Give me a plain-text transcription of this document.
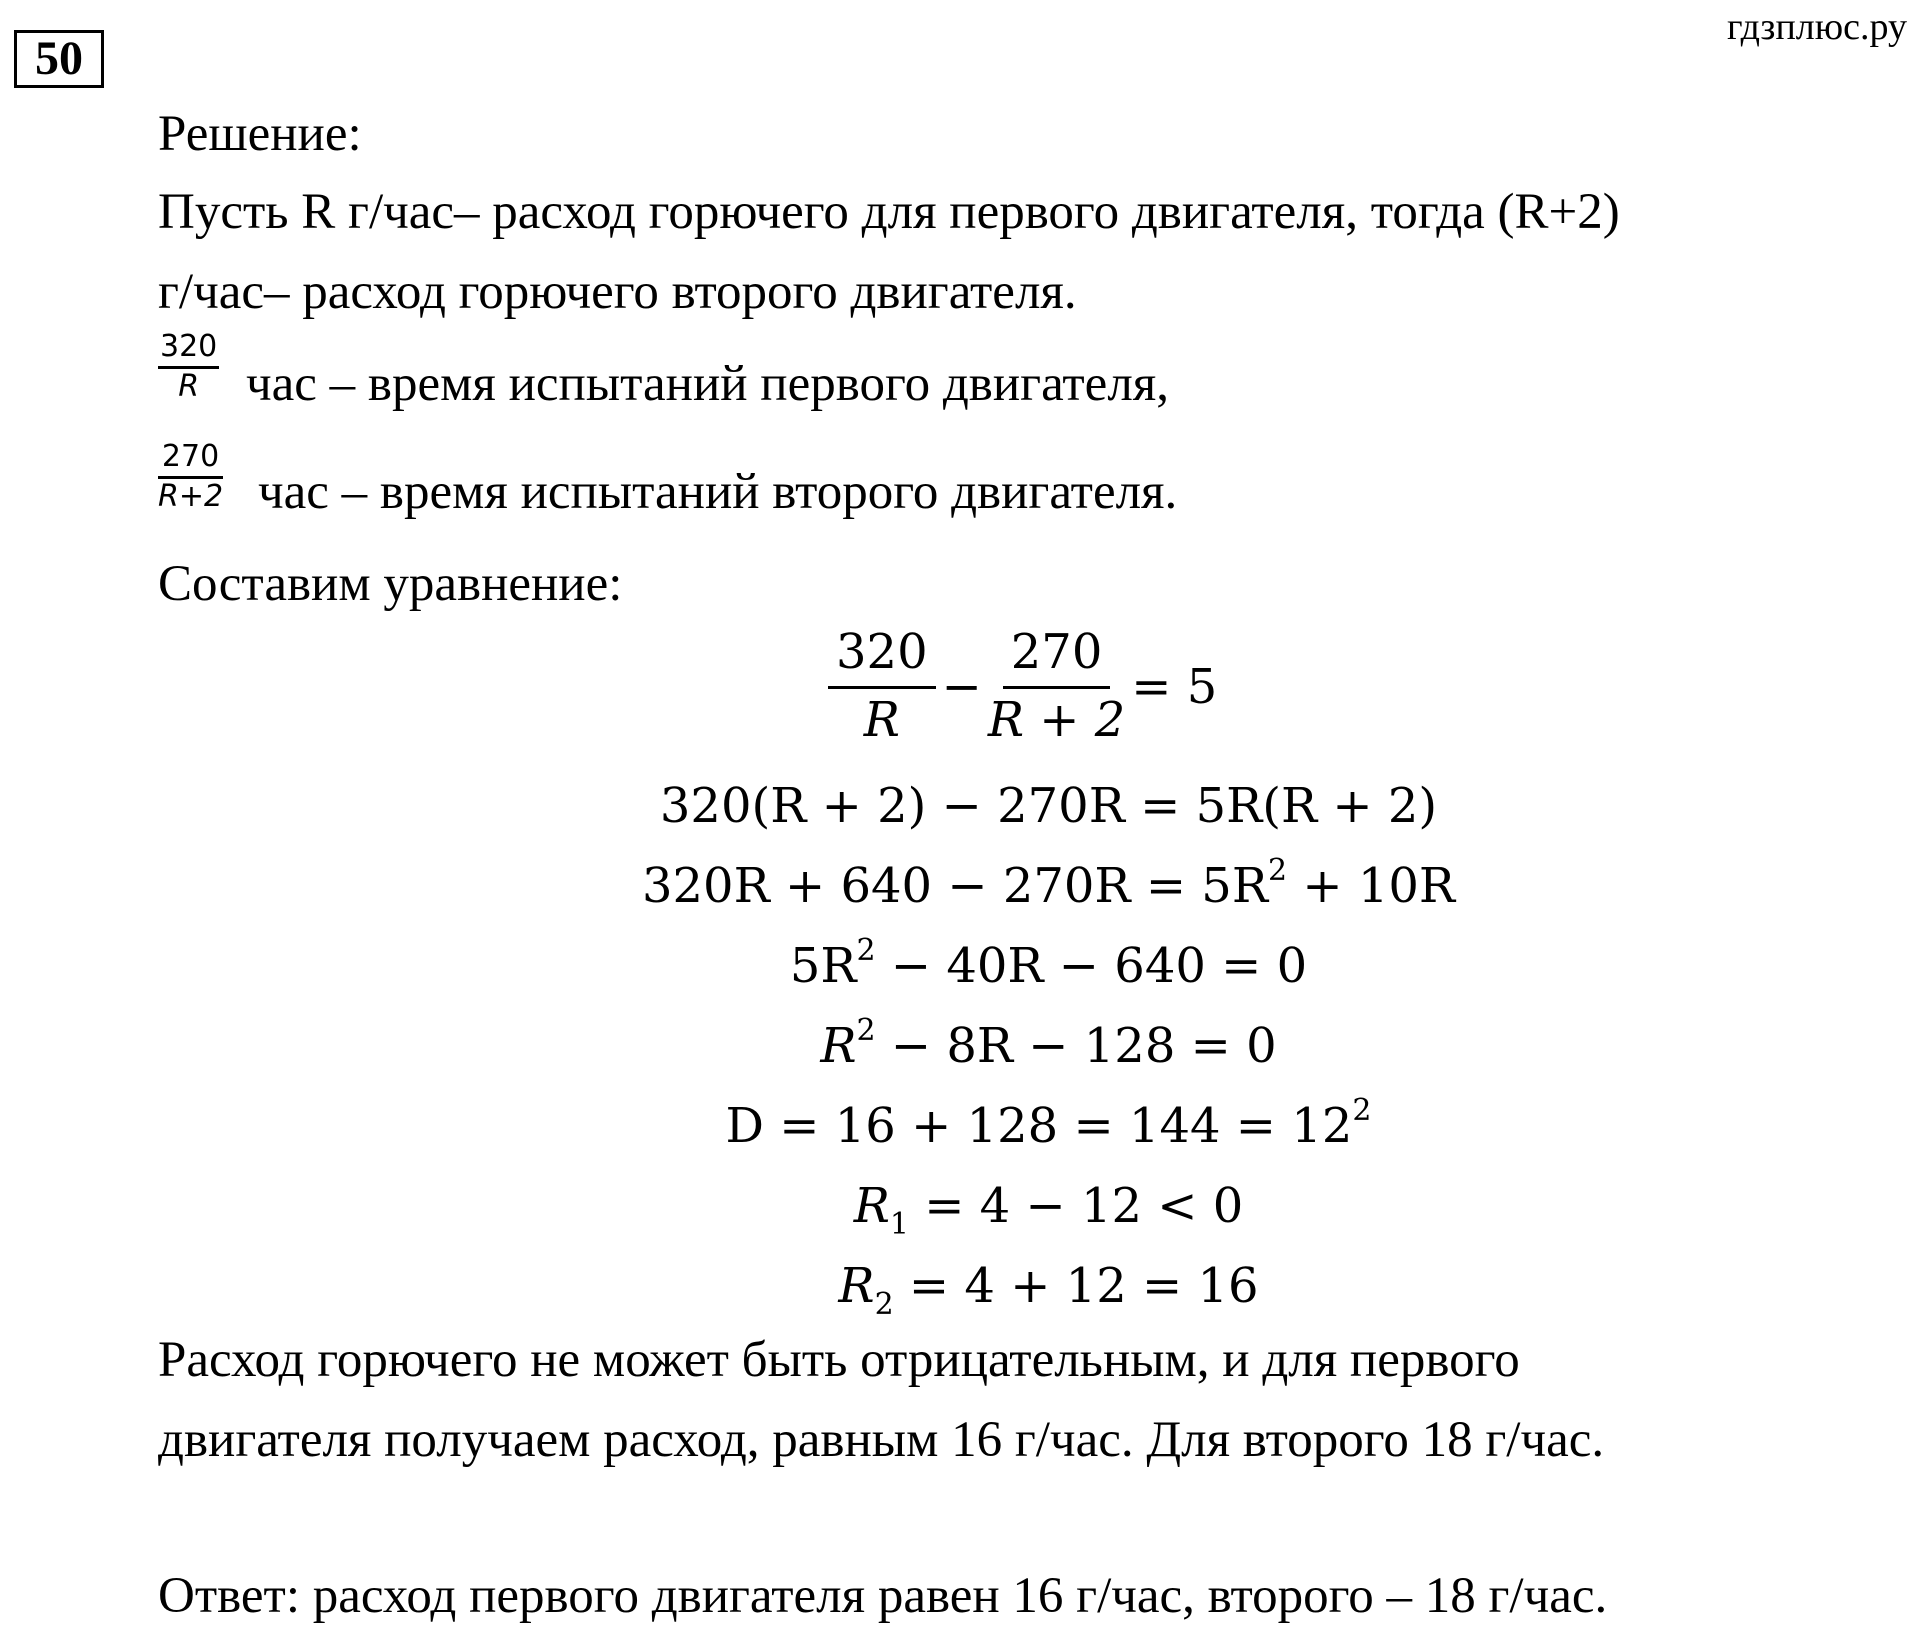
50
гдзплюс.ру
Решение:
Пусть R г/час– расход горючего для первого двигателя, тогда (R+2)
г/час– расход горючего второго двигателя.
$\frac{320}{R}$ час – время испытаний первого двигателя,
$\frac{270}{R+2}$ час – время испытаний второго двигателя.
Составим уравнение:
$\frac{320}{R} - \frac{270}{R + 2} = 5$
320(R + 2) − 270R = 5R(R + 2)
$320R + 640 - 270R = 5R^2 + 10R$
$5R^2 - 40R - 640 = 0$
$R^2 - 8R - 128 = 0$
$D = 16 + 128 = 144 = 12^2$
$R_1 = 4 - 12 < 0$
$R_2 = 4 + 12 = 16$
Расход горючего не может быть отрицательным, и для первого
двигателя получаем расход, равным 16 г/час. Для второго 18 г/час.
Ответ: расход первого двигателя равен 16 г/час, второго – 18 г/час.
